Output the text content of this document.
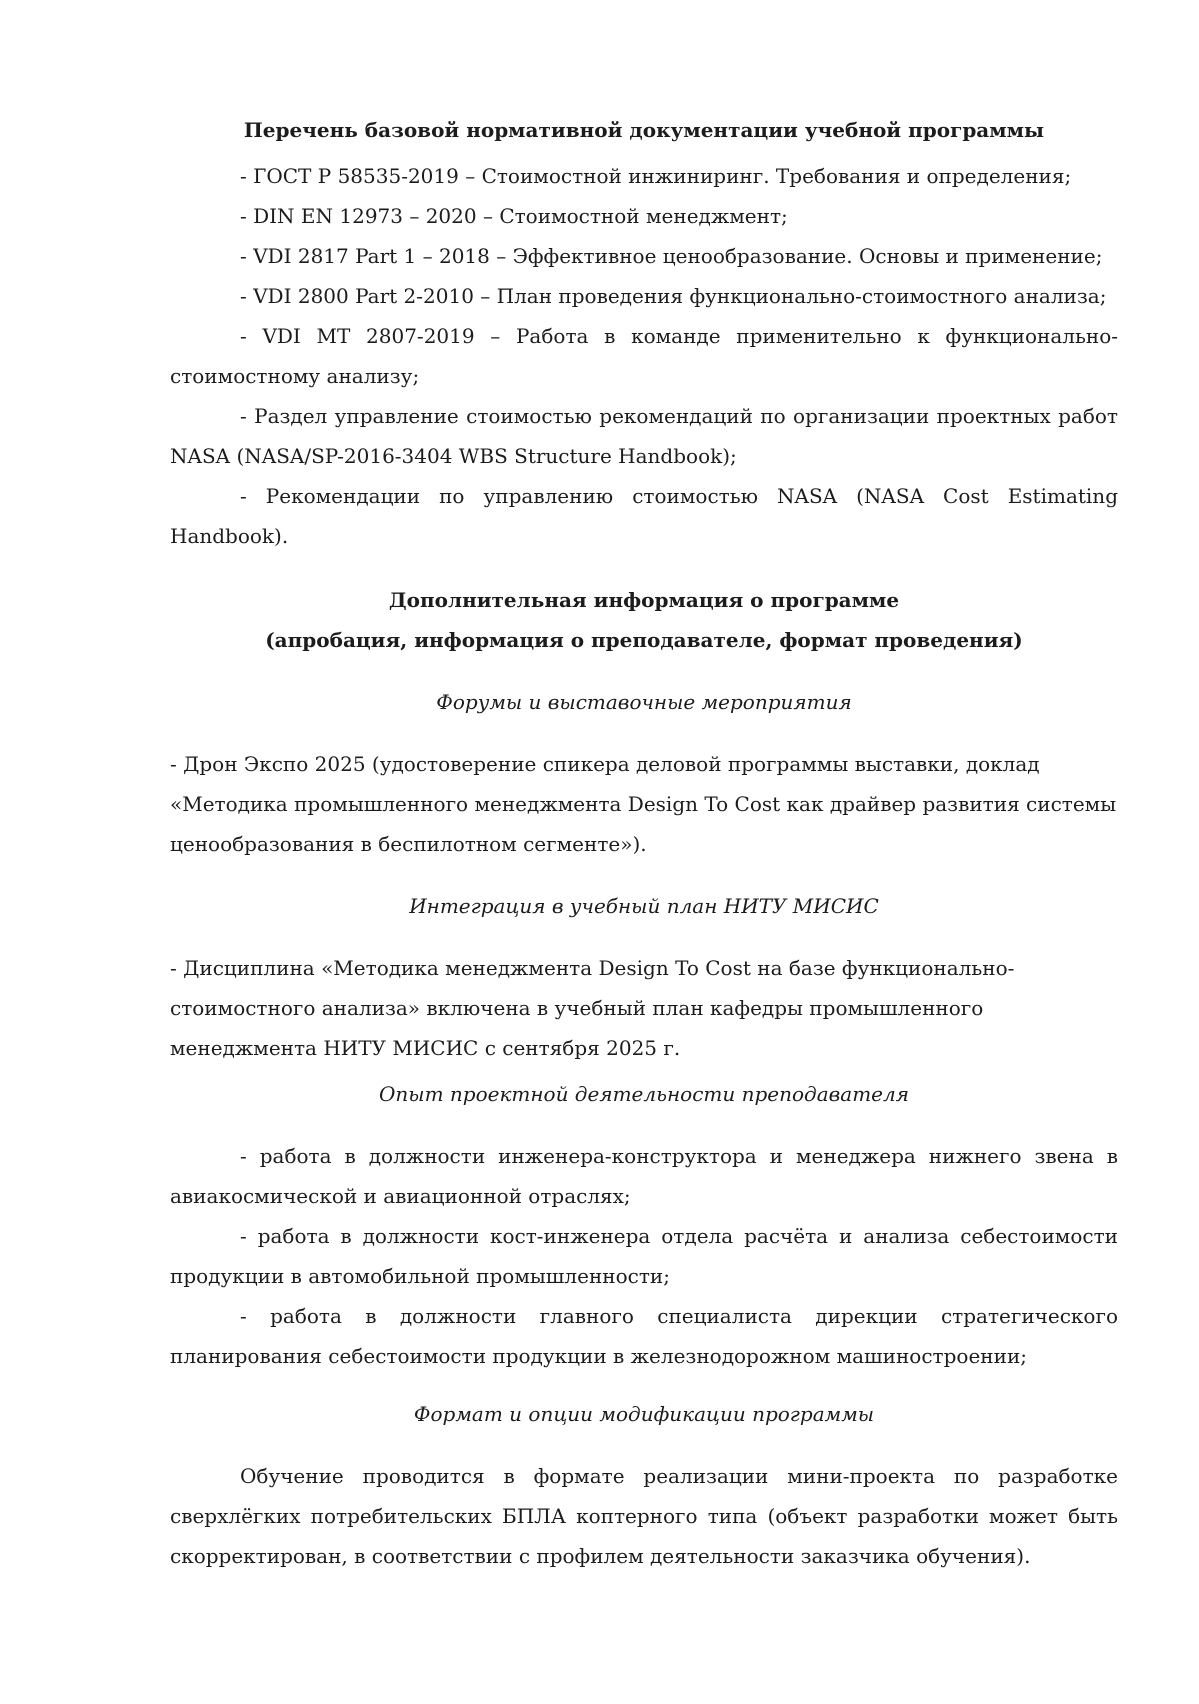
Перечень базовой нормативной документации учебной программы

- ГОСТ Р 58535-2019 – Стоимостной инжиниринг. Требования и определения;

- DIN EN 12973 – 2020 – Стоимостной менеджмент;

- VDI 2817 Part 1 – 2018 – Эффективное ценообразование. Основы и применение;

- VDI 2800 Part 2-2010 – План проведения функционально-стоимостного анализа;

- VDI MT 2807-2019 – Работа в команде применительно к функционально-стоимостному анализу;

- Раздел управление стоимостью рекомендаций по организации проектных работ NASA (NASA/SP-2016-3404 WBS Structure Handbook);

- Рекомендации по управлению стоимостью NASA (NASA Cost Estimating Handbook).

Дополнительная информация о программе

(апробация, информация о преподавателе, формат проведения)

Форумы и выставочные мероприятия

- Дрон Экспо 2025 (удостоверение спикера деловой программы выставки, доклад «Методика промышленного менеджмента Design To Cost как драйвер развития системы ценообразования в беспилотном сегменте»).

Интеграция в учебный план НИТУ МИСИС

- Дисциплина «Методика менеджмента Design To Cost на базе функционально-стоимостного анализа» включена в учебный план кафедры промышленного менеджмента НИТУ МИСИС с сентября 2025 г.

Опыт проектной деятельности преподавателя

- работа в должности инженера-конструктора и менеджера нижнего звена в авиакосмической и авиационной отраслях;

- работа в должности кост-инженера отдела расчёта и анализа себестоимости продукции в автомобильной промышленности;

- работа в должности главного специалиста дирекции стратегического планирования себестоимости продукции в железнодорожном машиностроении;

Формат и опции модификации программы

Обучение проводится в формате реализации мини-проекта по разработке сверхлёгких потребительских БПЛА коптерного типа (объект разработки может быть скорректирован, в соответствии с профилем деятельности заказчика обучения).
